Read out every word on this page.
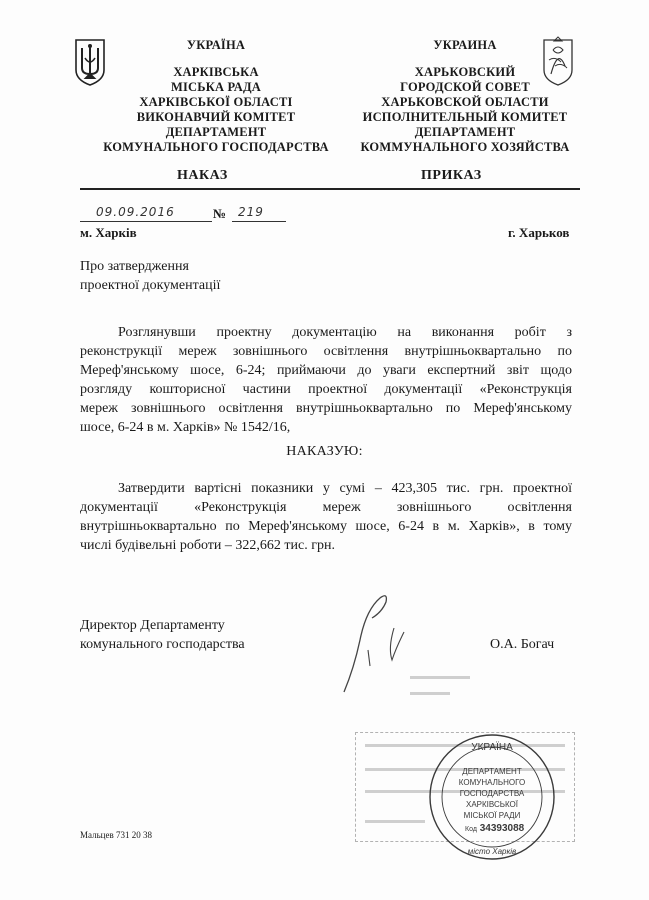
УКРАЇНА
ХАРКІВСЬКА
МІСЬКА РАДА
ХАРКІВСЬКОЇ ОБЛАСТІ
ВИКОНАВЧИЙ КОМІТЕТ
ДЕПАРТАМЕНТ
КОМУНАЛЬНОГО ГОСПОДАРСТВА
УКРАИНА
ХАРЬКОВСКИЙ
ГОРОДСКОЙ СОВЕТ
ХАРЬКОВСКОЙ ОБЛАСТИ
ИСПОЛНИТЕЛЬНЫЙ КОМИТЕТ
ДЕПАРТАМЕНТ
КОММУНАЛЬНОГО ХОЗЯЙСТВА
НАКАЗ	ПРИКАЗ
09.09.2016	№ 219
м. Харків	г. Харьков
Про затвердження
проектної документації
Розглянувши проектну документацію на виконання робіт з
реконструкції мереж зовнішнього освітлення внутрішньоквартально по
Мереф'янському шосе, 6-24; приймаючи до уваги експертний звіт щодо
розгляду кошторисної частини проектної документації «Реконструкція
мереж зовнішнього освітлення внутрішньоквартально по Мереф'янському
шосе, 6-24 в м. Харків» № 1542/16,
НАКАЗУЮ:
Затвердити вартісні показники у сумі – 423,305 тис. грн. проектної
документації «Реконструкція мереж зовнішнього освітлення
внутрішньоквартально по Мереф'янському шосе, 6-24 в м. Харків», в тому
числі будівельні роботи – 322,662 тис. грн.
Директор Департаменту
комунального господарства	О.А. Богач
Мальцев 731 20 38
УКРАЇНА
ДЕПАРТАМЕНТ
КОМУНАЛЬНОГО
ГОСПОДАРСТВА
ХАРКІВСЬКОЇ
МІСЬКОЇ РАДИ
Код 34393088
місто Харків
